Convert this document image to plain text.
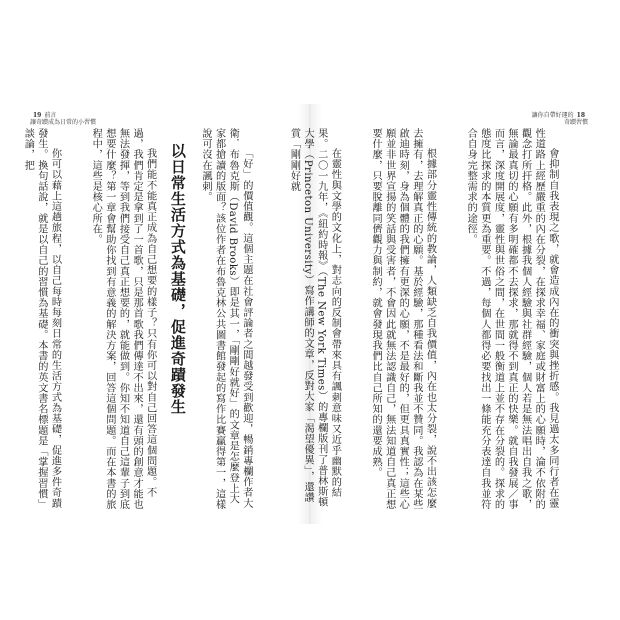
讓你自帶好運的 18
奇蹟習慣

會抑制自我表現之歌，就會造成內在的衝突與挫折感。我見過太多同行者在靈性道路上經歷嚴重的內在分裂，在探求幸福、家庭或財富上的心願時，淪不依附的觀念打所扞格。此外，根據我個人經驗與社群經驗，個人若是無法唱出自我之歌，無論最真切的心願有多明確都不去探求，那就得不到真正的快樂。就自我發展／事而言，深度開展度，靈性與世俗之間，在世間一般衡道上並不存在分裂的。探求的態度比探求的本質更為重要。不過，每個人都得必要找出一條能充分表達自我並符合自身完整需求的途徑。

根據部分靈性傳統的教論，人類缺乏自我價值，內在也太分裂，說不出該怎麼去擁有，去理解真正的心願。基於經驗，那種看法和斷我並不贊同。我認為在某些啟迪時刻，身為個體的我們擁有更深的心願，不是最好的，但更具真實性；這些心願並非世界宣揚的笑話與受害者，不會因此就無法認識自己，無法知道自己真正想要什麼，只要脫離同儕觀力與制約，就會發現我們比自己所知的還要成熟。

在靈性與文學的文化上，對志向的反制會帶來具有諷刺意味又近乎幽默的結果。二〇一九年，《紐約時報》（The New York Times）的專欄版刊了普林斯頓大學（Princeton University）寫作講師的文章，反對大家「渴望優異」，還讚賞「剛剛好就

19 前言
讓奇蹟成為日常的小習慣

「好」的價值觀。這個主題在社會評論者之間越發受到歡迎，暢銷專欄作者大衛．布魯克斯（David Brooks）即是其一，「剛剛好就好」的文章是怎麼登上大家都搶讀的版面？該位作者在布魯克林公共圖書館發起的寫作比賽贏得第一，這樣說可沒在諷刺。

以日常生活方式為基礎，促進奇蹟發生

我們能不能真正成為自己想要的樣子？只有你可以對自己回答這個問題。不過，我們肯定是拿到了一首歌，只是那首歌我們傳達不出來，還有頭的創意才能也無法發揮，等到我們接受自己真正想要的，就能做到。你知不知道自己這輩子到底想要什麼？第一章會幫助你找到有意義的解決方案，回答這個問題。而在本書的旅程中，這些是核心所在。

你可以藉上這趟旅程，以自己每時每刻日常的生活方式為基礎，促進多件奇蹟發生。換句話說，就是以自己的習慣為基礎。本書的英文書名標題是「掌握習慣」談論，把
